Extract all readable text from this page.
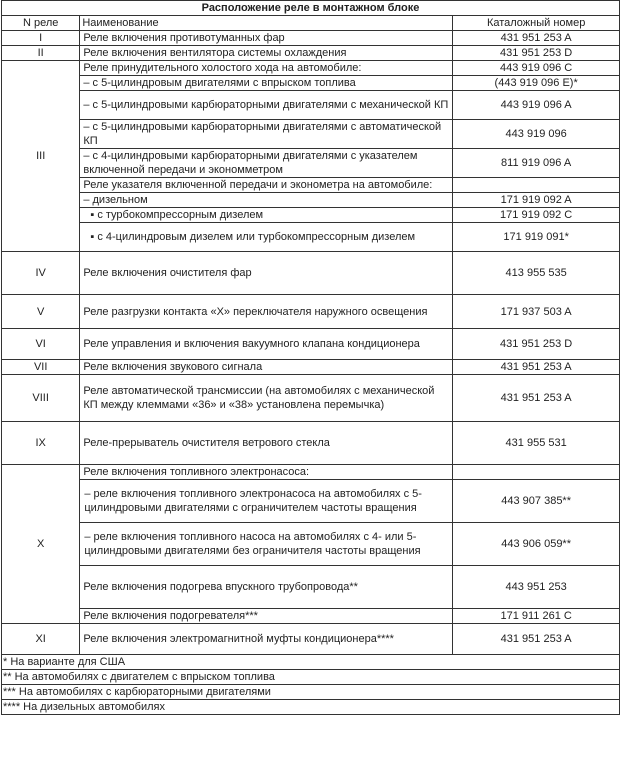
Расположение реле в монтажном блоке		
N реле	Наименование	Каталожный номер
I	Реле включения противотуманных фар	431 951 253 A
II	Реле включения вентилятора системы охлаждения	431 951 253 D
III	Реле принудительного холостого хода на автомобиле:	443 919 096 C
	– с 5-цилиндровым двигателями с впрыском топлива	(443 919 096 E)*
	– с 5-цилиндровыми карбюраторными двигателями с механической КП	443 919 096 A
	– с 5-цилиндровыми карбюраторными двигателями с автоматической КП	443 919 096
	– с 4-цилиндровыми карбюраторными двигателями с указателем включенной передачи и экономметром	811 919 096 A
	Реле указателя включенной передачи и эконометра на автомобиле:	
	– дизельном	171 919 092 A
	▪ с турбокомпрессорным дизелем	171 919 092 C
	▪ с 4-цилиндровым дизелем или турбокомпрессорным дизелем	171 919 091*
IV	Реле включения очистителя фар	413 955 535
V	Реле разгрузки контакта «X» переключателя наружного освещения	171 937 503 A
VI	Реле управления и включения вакуумного клапана кондиционера	431 951 253 D
VII	Реле включения звукового сигнала	431 951 253 A
VIII	Реле автоматической трансмиссии (на автомобилях с механической КП между клеммами «36» и «38» установлена перемычка)	431 951 253 A
IX	Реле-прерыватель очистителя ветрового стекла	431 955 531
X	Реле включения топливного электронасоса:	
	– реле включения топливного электронасоса на автомобилях с 5-цилиндровыми двигателями с ограничителем частоты вращения	443 907 385**
	– реле включения топливного насоса на автомобилях с 4- или 5-цилиндровыми двигателями без ограничителя частоты вращения	443 906 059**
	Реле включения подогрева впускного трубопровода**	443 951 253
	Реле включения подогревателя***	171 911 261 C
XI	Реле включения электромагнитной муфты кондиционера****	431 951 253 A
* На варианте для США		
** На автомобилях с двигателем с впрыском топлива		
*** На автомобилях с карбюраторными двигателями		
**** На дизельных автомобилях		
